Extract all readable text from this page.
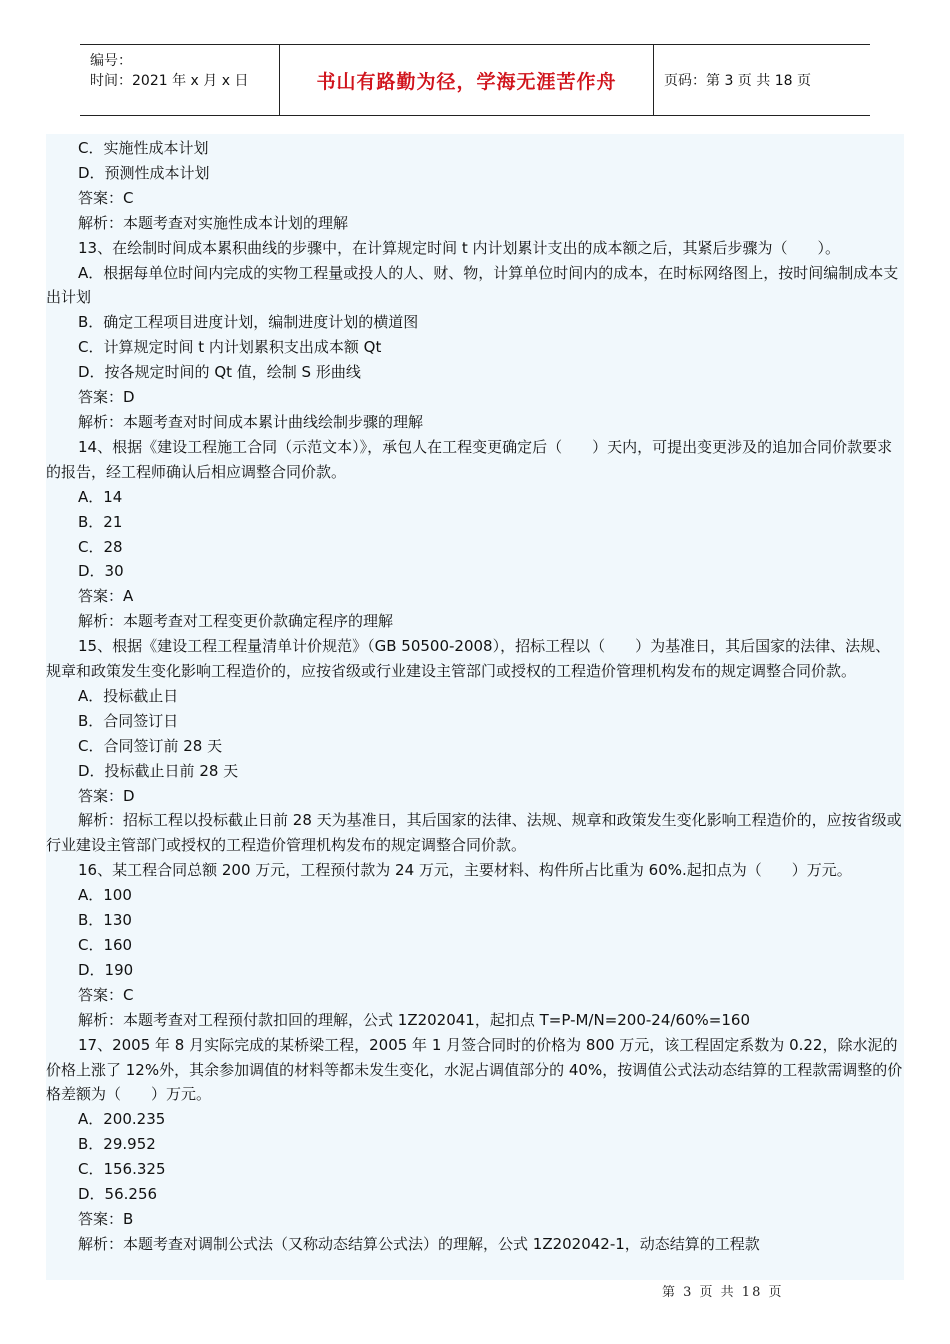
编号：
时间：2021 年 x 月 x 日	书山有路勤为径，学海无涯苦作舟	页码：第 3 页 共 18 页

C．实施性成本计划

D．预测性成本计划

答案：C

解析：本题考查对实施性成本计划的理解

13、在绘制时间成本累积曲线的步骤中，在计算规定时间 t 内计划累计支出的成本额之后，其紧后步骤为（　　）。

A．根据每单位时间内完成的实物工程量或投人的人、财、物，计算单位时间内的成本，在时标网络图上，按时间编制成本支出计划

B．确定工程项目进度计划，编制进度计划的横道图

C．计算规定时间 t 内计划累积支出成本额 Qt

D．按各规定时间的 Qt 值，绘制 S 形曲线

答案：D

解析：本题考查对时间成本累计曲线绘制步骤的理解

14、根据《建设工程施工合同（示范文本）》，承包人在工程变更确定后（　　）天内，可提出变更涉及的追加合同价款要求的报告，经工程师确认后相应调整合同价款。

A．14

B．21

C．28

D．30

答案：A

解析：本题考查对工程变更价款确定程序的理解

15、根据《建设工程工程量清单计价规范》（GB 50500-2008），招标工程以（　　）为基准日，其后国家的法律、法规、规章和政策发生变化影响工程造价的，应按省级或行业建设主管部门或授权的工程造价管理机构发布的规定调整合同价款。

A．投标截止日

B．合同签订日

C．合同签订前 28 天

D．投标截止日前 28 天

答案：D

解析：招标工程以投标截止日前 28 天为基准日，其后国家的法律、法规、规章和政策发生变化影响工程造价的，应按省级或行业建设主管部门或授权的工程造价管理机构发布的规定调整合同价款。

16、某工程合同总额 200 万元，工程预付款为 24 万元，主要材料、构件所占比重为 60%.起扣点为（　　）万元。

A．100

B．130

C．160

D．190

答案：C

解析：本题考查对工程预付款扣回的理解，公式 1Z202041，起扣点 T=P-M/N=200-24/60%=160

17、2005 年 8 月实际完成的某桥梁工程，2005 年 1 月签合同时的价格为 800 万元，该工程固定系数为 0.22，除水泥的价格上涨了 12%外，其余参加调值的材料等都未发生变化，水泥占调值部分的 40%，按调值公式法动态结算的工程款需调整的价格差额为（　　）万元。

A．200.235

B．29.952

C．156.325

D．56.256

答案：B

解析：本题考查对调制公式法（又称动态结算公式法）的理解，公式 1Z202042-1，动态结算的工程款

第 3 页 共 18 页
